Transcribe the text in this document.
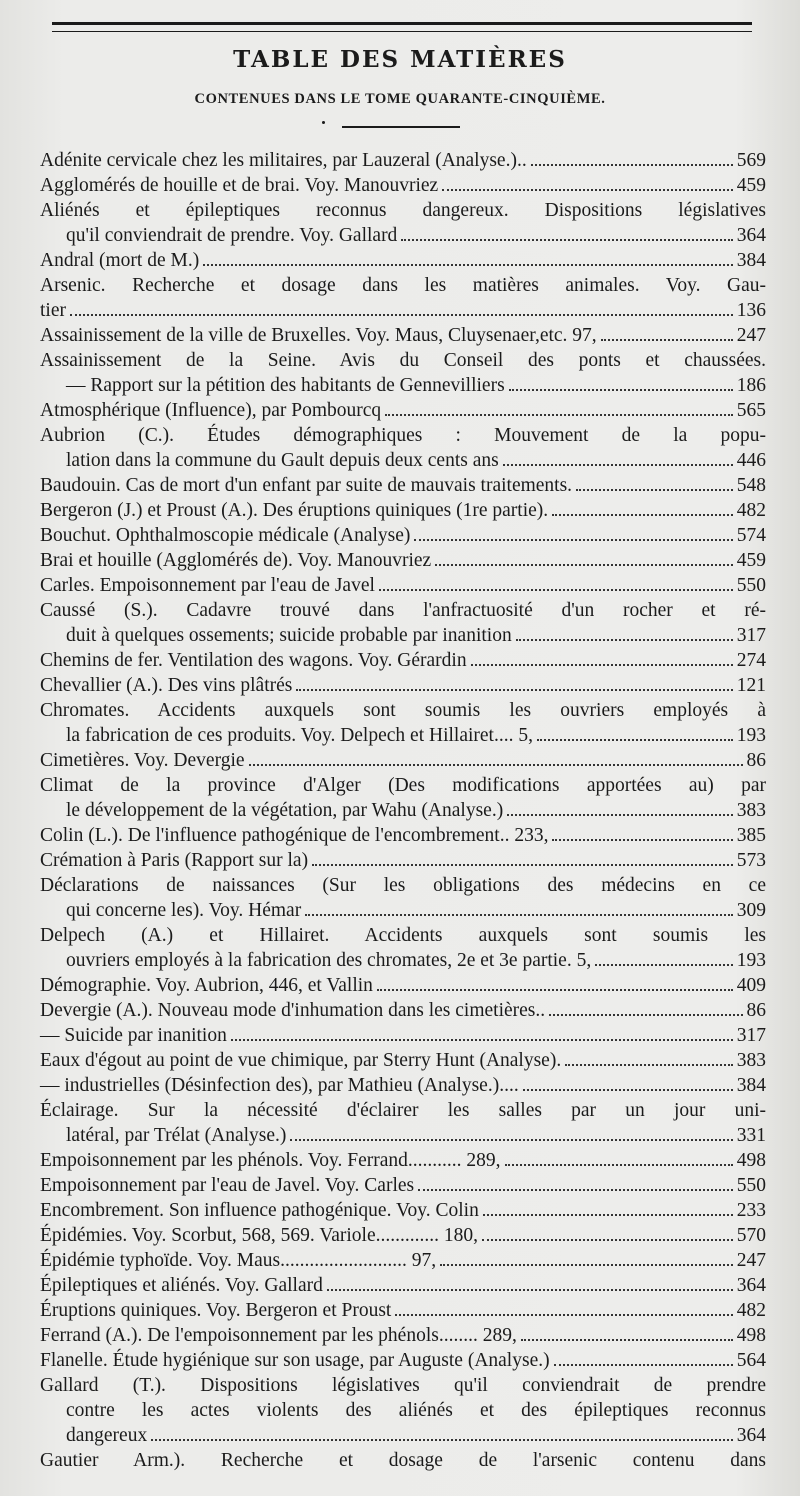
TABLE DES MATIÈRES
CONTENUES DANS LE TOME QUARANTE-CINQUIÈME.
Adénite cervicale chez les militaires, par Lauzeral (Analyse.)..	569
Agglomérés de houille et de brai. Voy. Manouvriez	459
Aliénés et épileptiques reconnus dangereux. Dispositions législatives
qu'il conviendrait de prendre. Voy. Gallard	364
Andral (mort de M.)	384
Arsenic. Recherche et dosage dans les matières animales. Voy. Gau-
tier	136
Assainissement de la ville de Bruxelles. Voy. Maus, Cluysenaer,etc. 97,	247
Assainissement de la Seine. Avis du Conseil des ponts et chaussées.
— Rapport sur la pétition des habitants de Gennevilliers	186
Atmosphérique (Influence), par Pombourcq	565
Aubrion (C.). Études démographiques : Mouvement de la popu-
lation dans la commune du Gault depuis deux cents ans	446
Baudouin. Cas de mort d'un enfant par suite de mauvais traitements.	548
Bergeron (J.) et Proust (A.). Des éruptions quiniques (1re partie).	482
Bouchut. Ophthalmoscopie médicale (Analyse)	574
Brai et houille (Agglomérés de). Voy. Manouvriez	459
Carles. Empoisonnement par l'eau de Javel	550
Caussé (S.). Cadavre trouvé dans l'anfractuosité d'un rocher et ré-
duit à quelques ossements; suicide probable par inanition	317
Chemins de fer. Ventilation des wagons. Voy. Gérardin	274
Chevallier (A.). Des vins plâtrés	121
Chromates. Accidents auxquels sont soumis les ouvriers employés à
la fabrication de ces produits. Voy. Delpech et Hillairet.... 5,	193
Cimetières. Voy. Devergie	86
Climat de la province d'Alger (Des modifications apportées au) par
le développement de la végétation, par Wahu (Analyse.)	383
Colin (L.). De l'influence pathogénique de l'encombrement.. 233,	385
Crémation à Paris (Rapport sur la)	573
Déclarations de naissances (Sur les obligations des médecins en ce
qui concerne les). Voy. Hémar	309
Delpech (A.) et Hillairet. Accidents auxquels sont soumis les
ouvriers employés à la fabrication des chromates, 2e et 3e partie. 5,	193
Démographie. Voy. Aubrion, 446, et Vallin	409
Devergie (A.). Nouveau mode d'inhumation dans les cimetières..	86
— Suicide par inanition	317
Eaux d'égout au point de vue chimique, par Sterry Hunt (Analyse).	383
— industrielles (Désinfection des), par Mathieu (Analyse.)....	384
Éclairage. Sur la nécessité d'éclairer les salles par un jour uni-
latéral, par Trélat (Analyse.)	331
Empoisonnement par les phénols. Voy. Ferrand........... 289,	498
Empoisonnement par l'eau de Javel. Voy. Carles	550
Encombrement. Son influence pathogénique. Voy. Colin	233
Épidémies. Voy. Scorbut, 568, 569. Variole............. 180,	570
Épidémie typhoïde. Voy. Maus.......................... 97,	247
Épileptiques et aliénés. Voy. Gallard	364
Éruptions quiniques. Voy. Bergeron et Proust	482
Ferrand (A.). De l'empoisonnement par les phénols........ 289,	498
Flanelle. Étude hygiénique sur son usage, par Auguste (Analyse.)	564
Gallard (T.). Dispositions législatives qu'il conviendrait de prendre
contre les actes violents des aliénés et des épileptiques reconnus
dangereux	364
Gautier Arm.). Recherche et dosage de l'arsenic contenu dans
